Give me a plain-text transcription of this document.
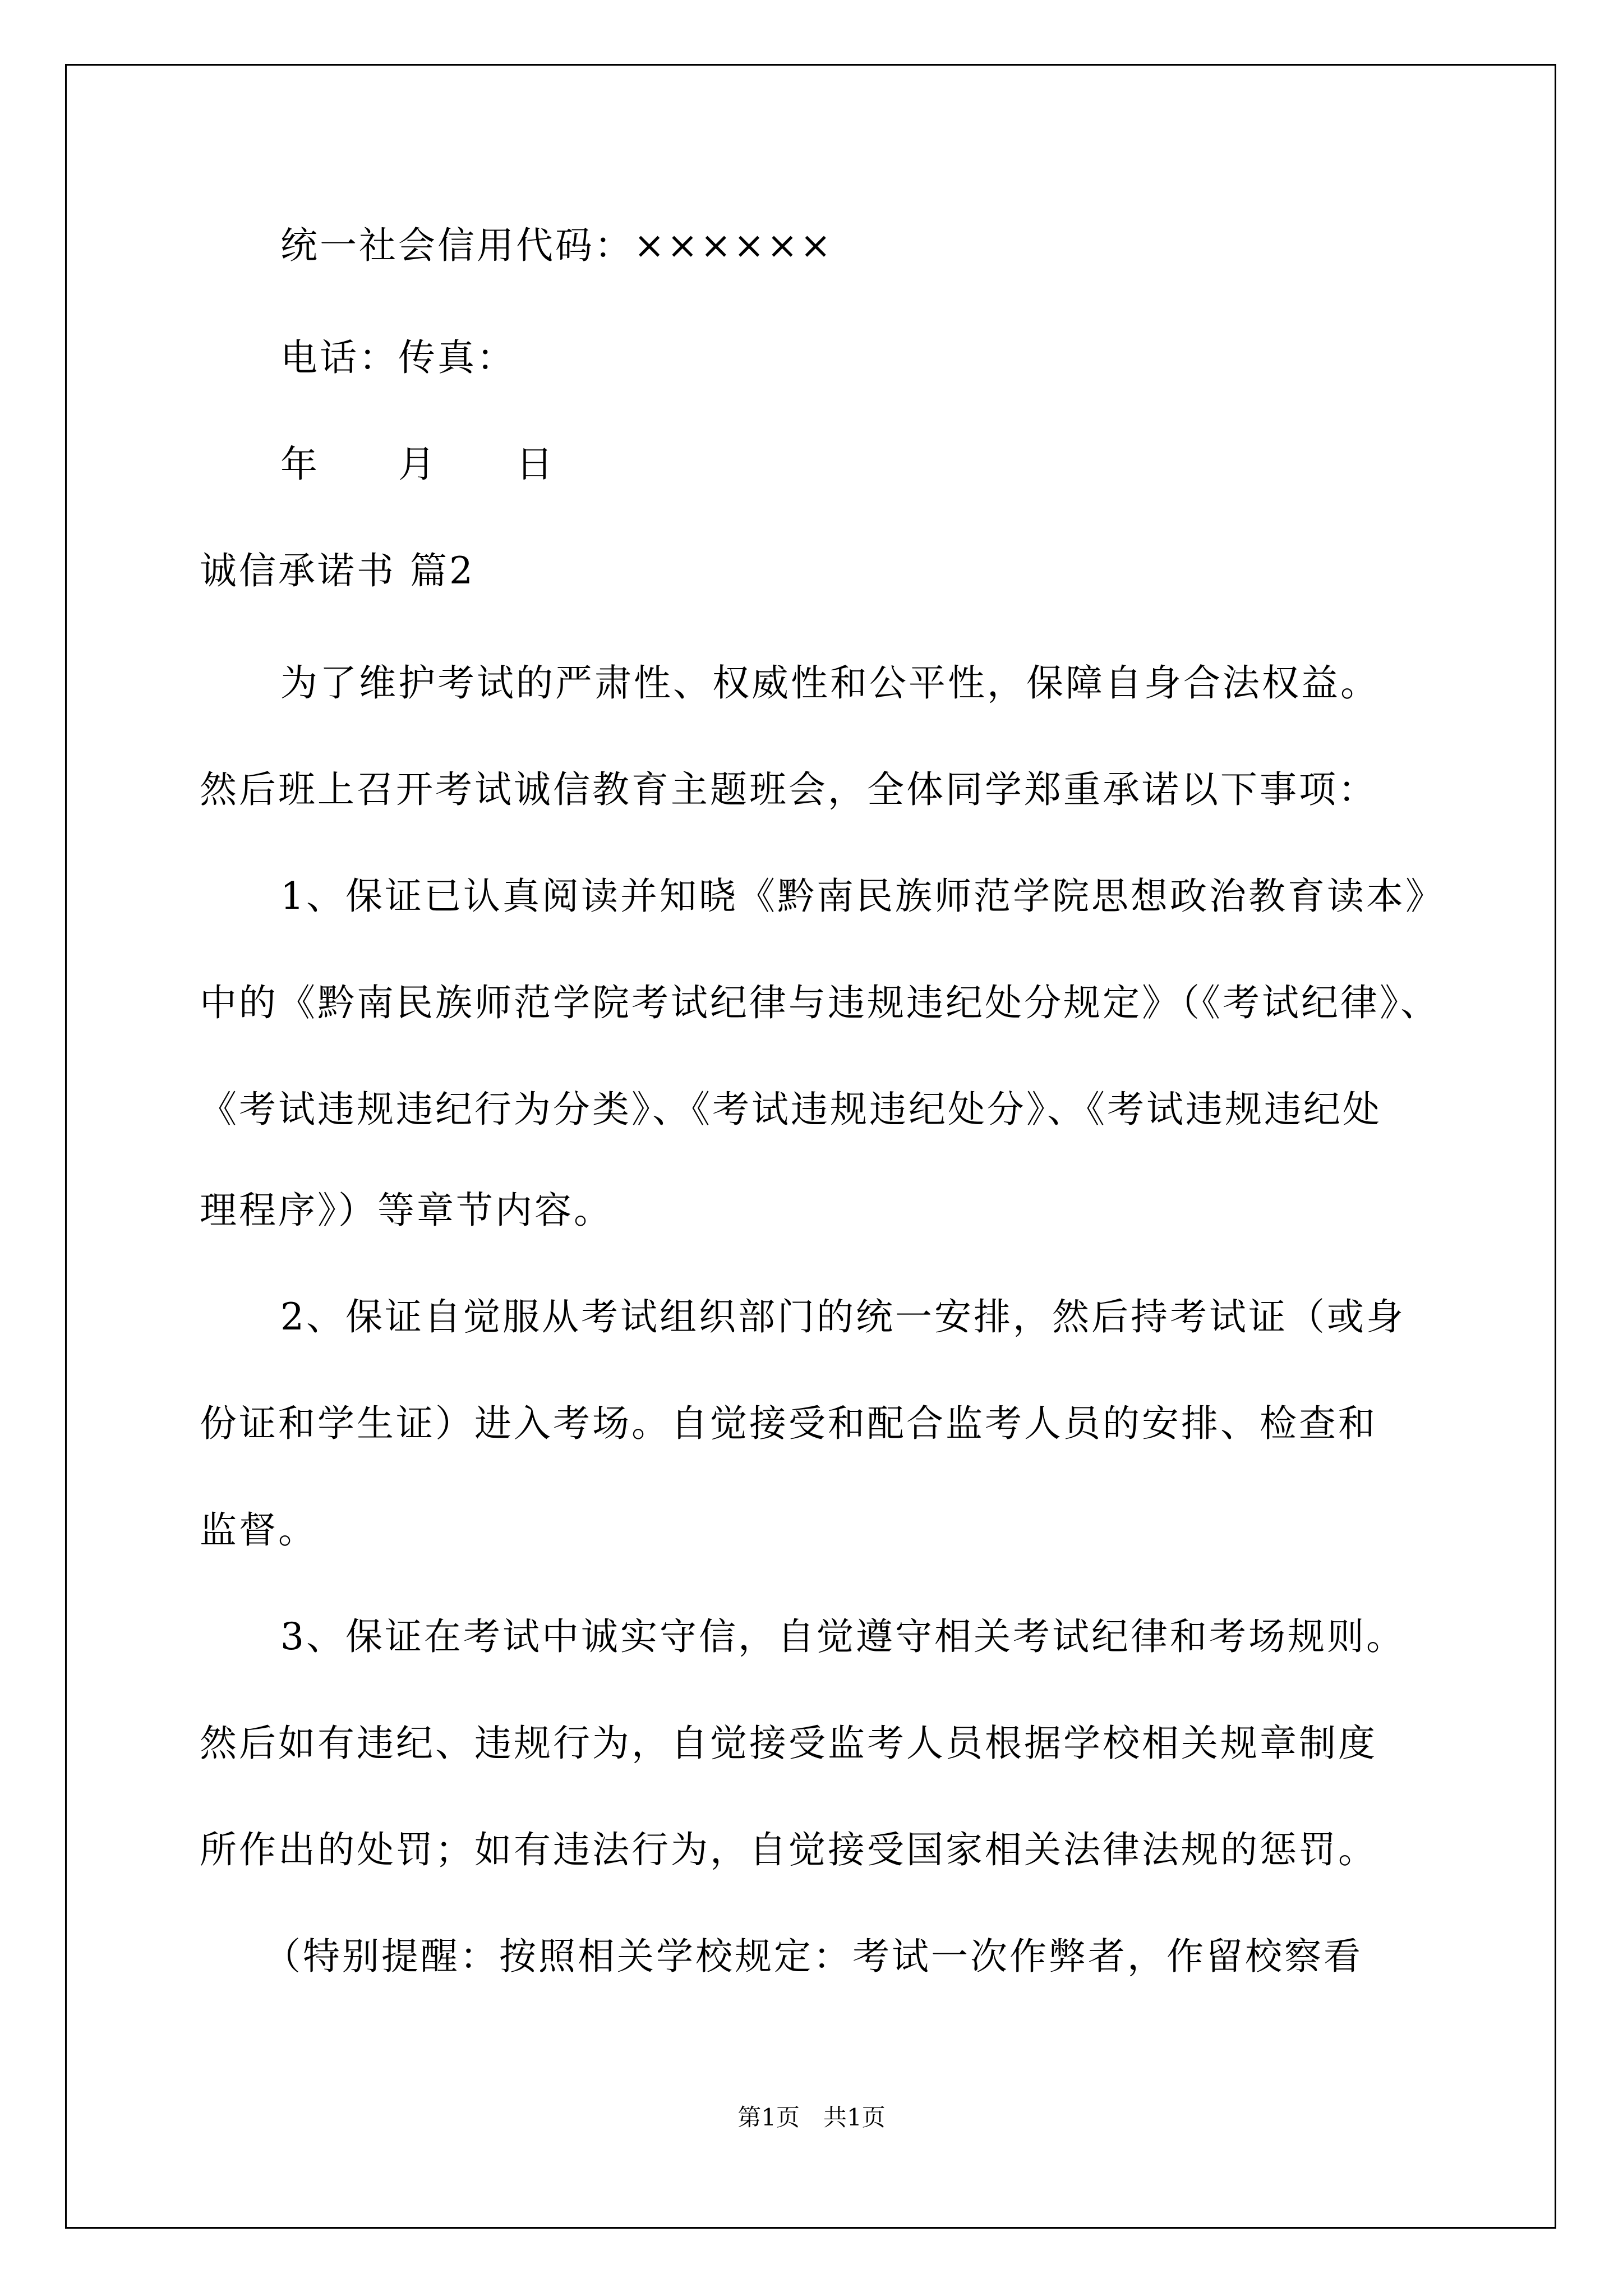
统一社会信用代码：××××××
电话：传真：
年　　月　　日
诚信承诺书 篇2
为了维护考试的严肃性、权威性和公平性，保障自身合法权益。
然后班上召开考试诚信教育主题班会，全体同学郑重承诺以下事项：
1、保证已认真阅读并知晓《黔南民族师范学院思想政治教育读本》
中的《黔南民族师范学院考试纪律与违规违纪处分规定》（《考试纪律》、
《考试违规违纪行为分类》、《考试违规违纪处分》、《考试违规违纪处
理程序》）等章节内容。
2、保证自觉服从考试组织部门的统一安排，然后持考试证（或身
份证和学生证）进入考场。自觉接受和配合监考人员的安排、检查和
监督。
3、保证在考试中诚实守信，自觉遵守相关考试纪律和考场规则。
然后如有违纪、违规行为，自觉接受监考人员根据学校相关规章制度
所作出的处罚；如有违法行为，自觉接受国家相关法律法规的惩罚。
（特别提醒：按照相关学校规定：考试一次作弊者，作留校察看
第1页　共1页
